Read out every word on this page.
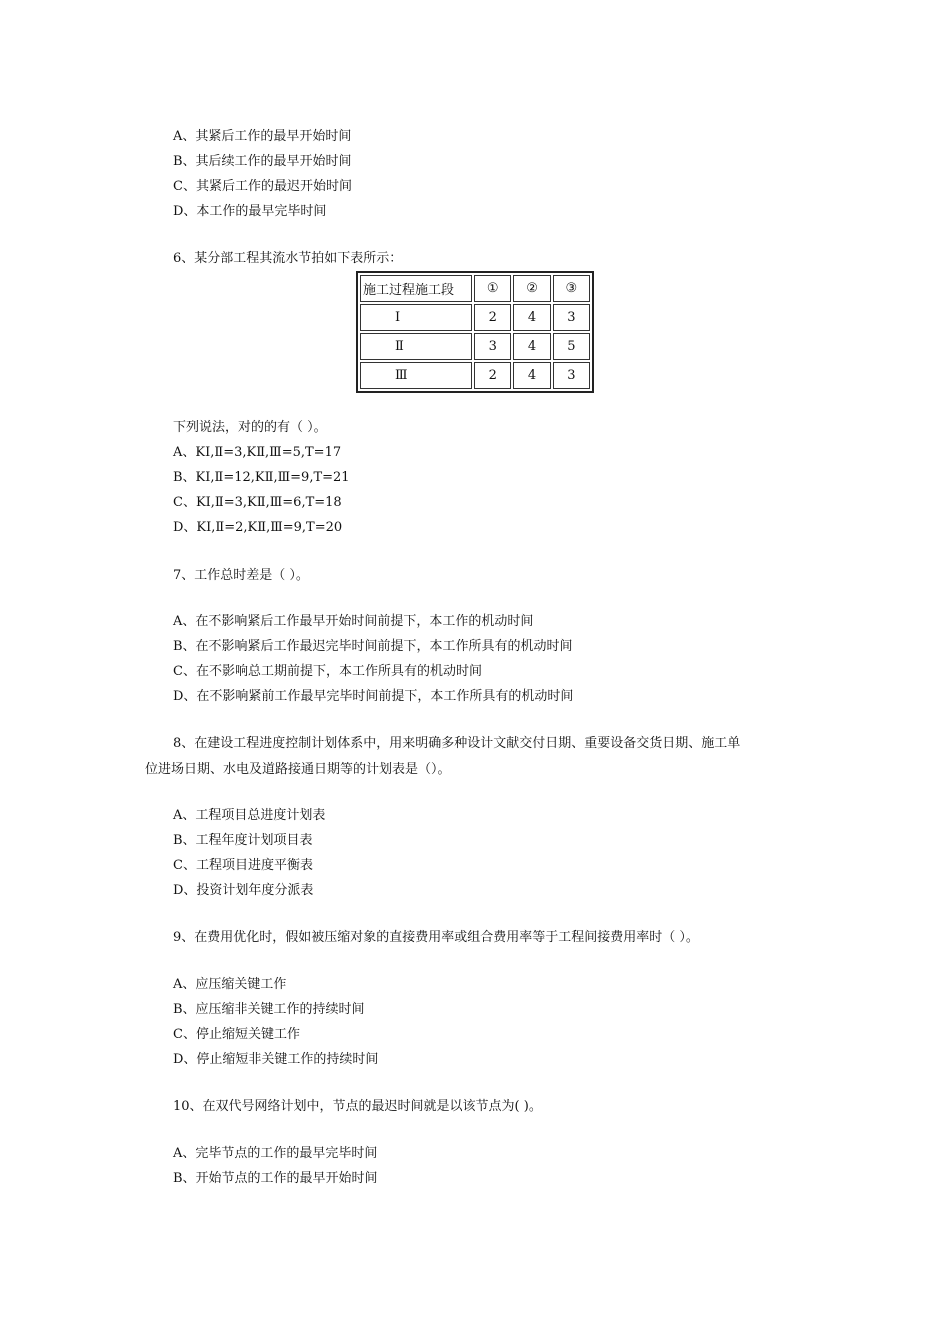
A、其紧后工作的最早开始时间
B、其后续工作的最早开始时间
C、其紧后工作的最迟开始时间
D、本工作的最早完毕时间
6、某分部工程其流水节拍如下表所示：
施工过程施工段	①	②	③
Ⅰ	2	4	3
Ⅱ	3	4	5
Ⅲ	2	4	3
下列说法，对的的有（ ）。
A、KⅠ,Ⅱ=3,KⅡ,Ⅲ=5,T=17
B、KⅠ,Ⅱ=12,KⅡ,Ⅲ=9,T=21
C、KⅠ,Ⅱ=3,KⅡ,Ⅲ=6,T=18
D、KⅠ,Ⅱ=2,KⅡ,Ⅲ=9,T=20
7、工作总时差是（ ）。
A、在不影响紧后工作最早开始时间前提下，本工作的机动时间
B、在不影响紧后工作最迟完毕时间前提下，本工作所具有的机动时间
C、在不影响总工期前提下，本工作所具有的机动时间
D、在不影响紧前工作最早完毕时间前提下，本工作所具有的机动时间
8、在建设工程进度控制计划体系中，用来明确多种设计文献交付日期、重要设备交货日期、施工单
位进场日期、水电及道路接通日期等的计划表是（）。
A、工程项目总进度计划表
B、工程年度计划项目表
C、工程项目进度平衡表
D、投资计划年度分派表
9、在费用优化时，假如被压缩对象的直接费用率或组合费用率等于工程间接费用率时（ ）。
A、应压缩关键工作
B、应压缩非关键工作的持续时间
C、停止缩短关键工作
D、停止缩短非关键工作的持续时间
10、在双代号网络计划中，节点的最迟时间就是以该节点为( )。
A、完毕节点的工作的最早完毕时间
B、开始节点的工作的最早开始时间
